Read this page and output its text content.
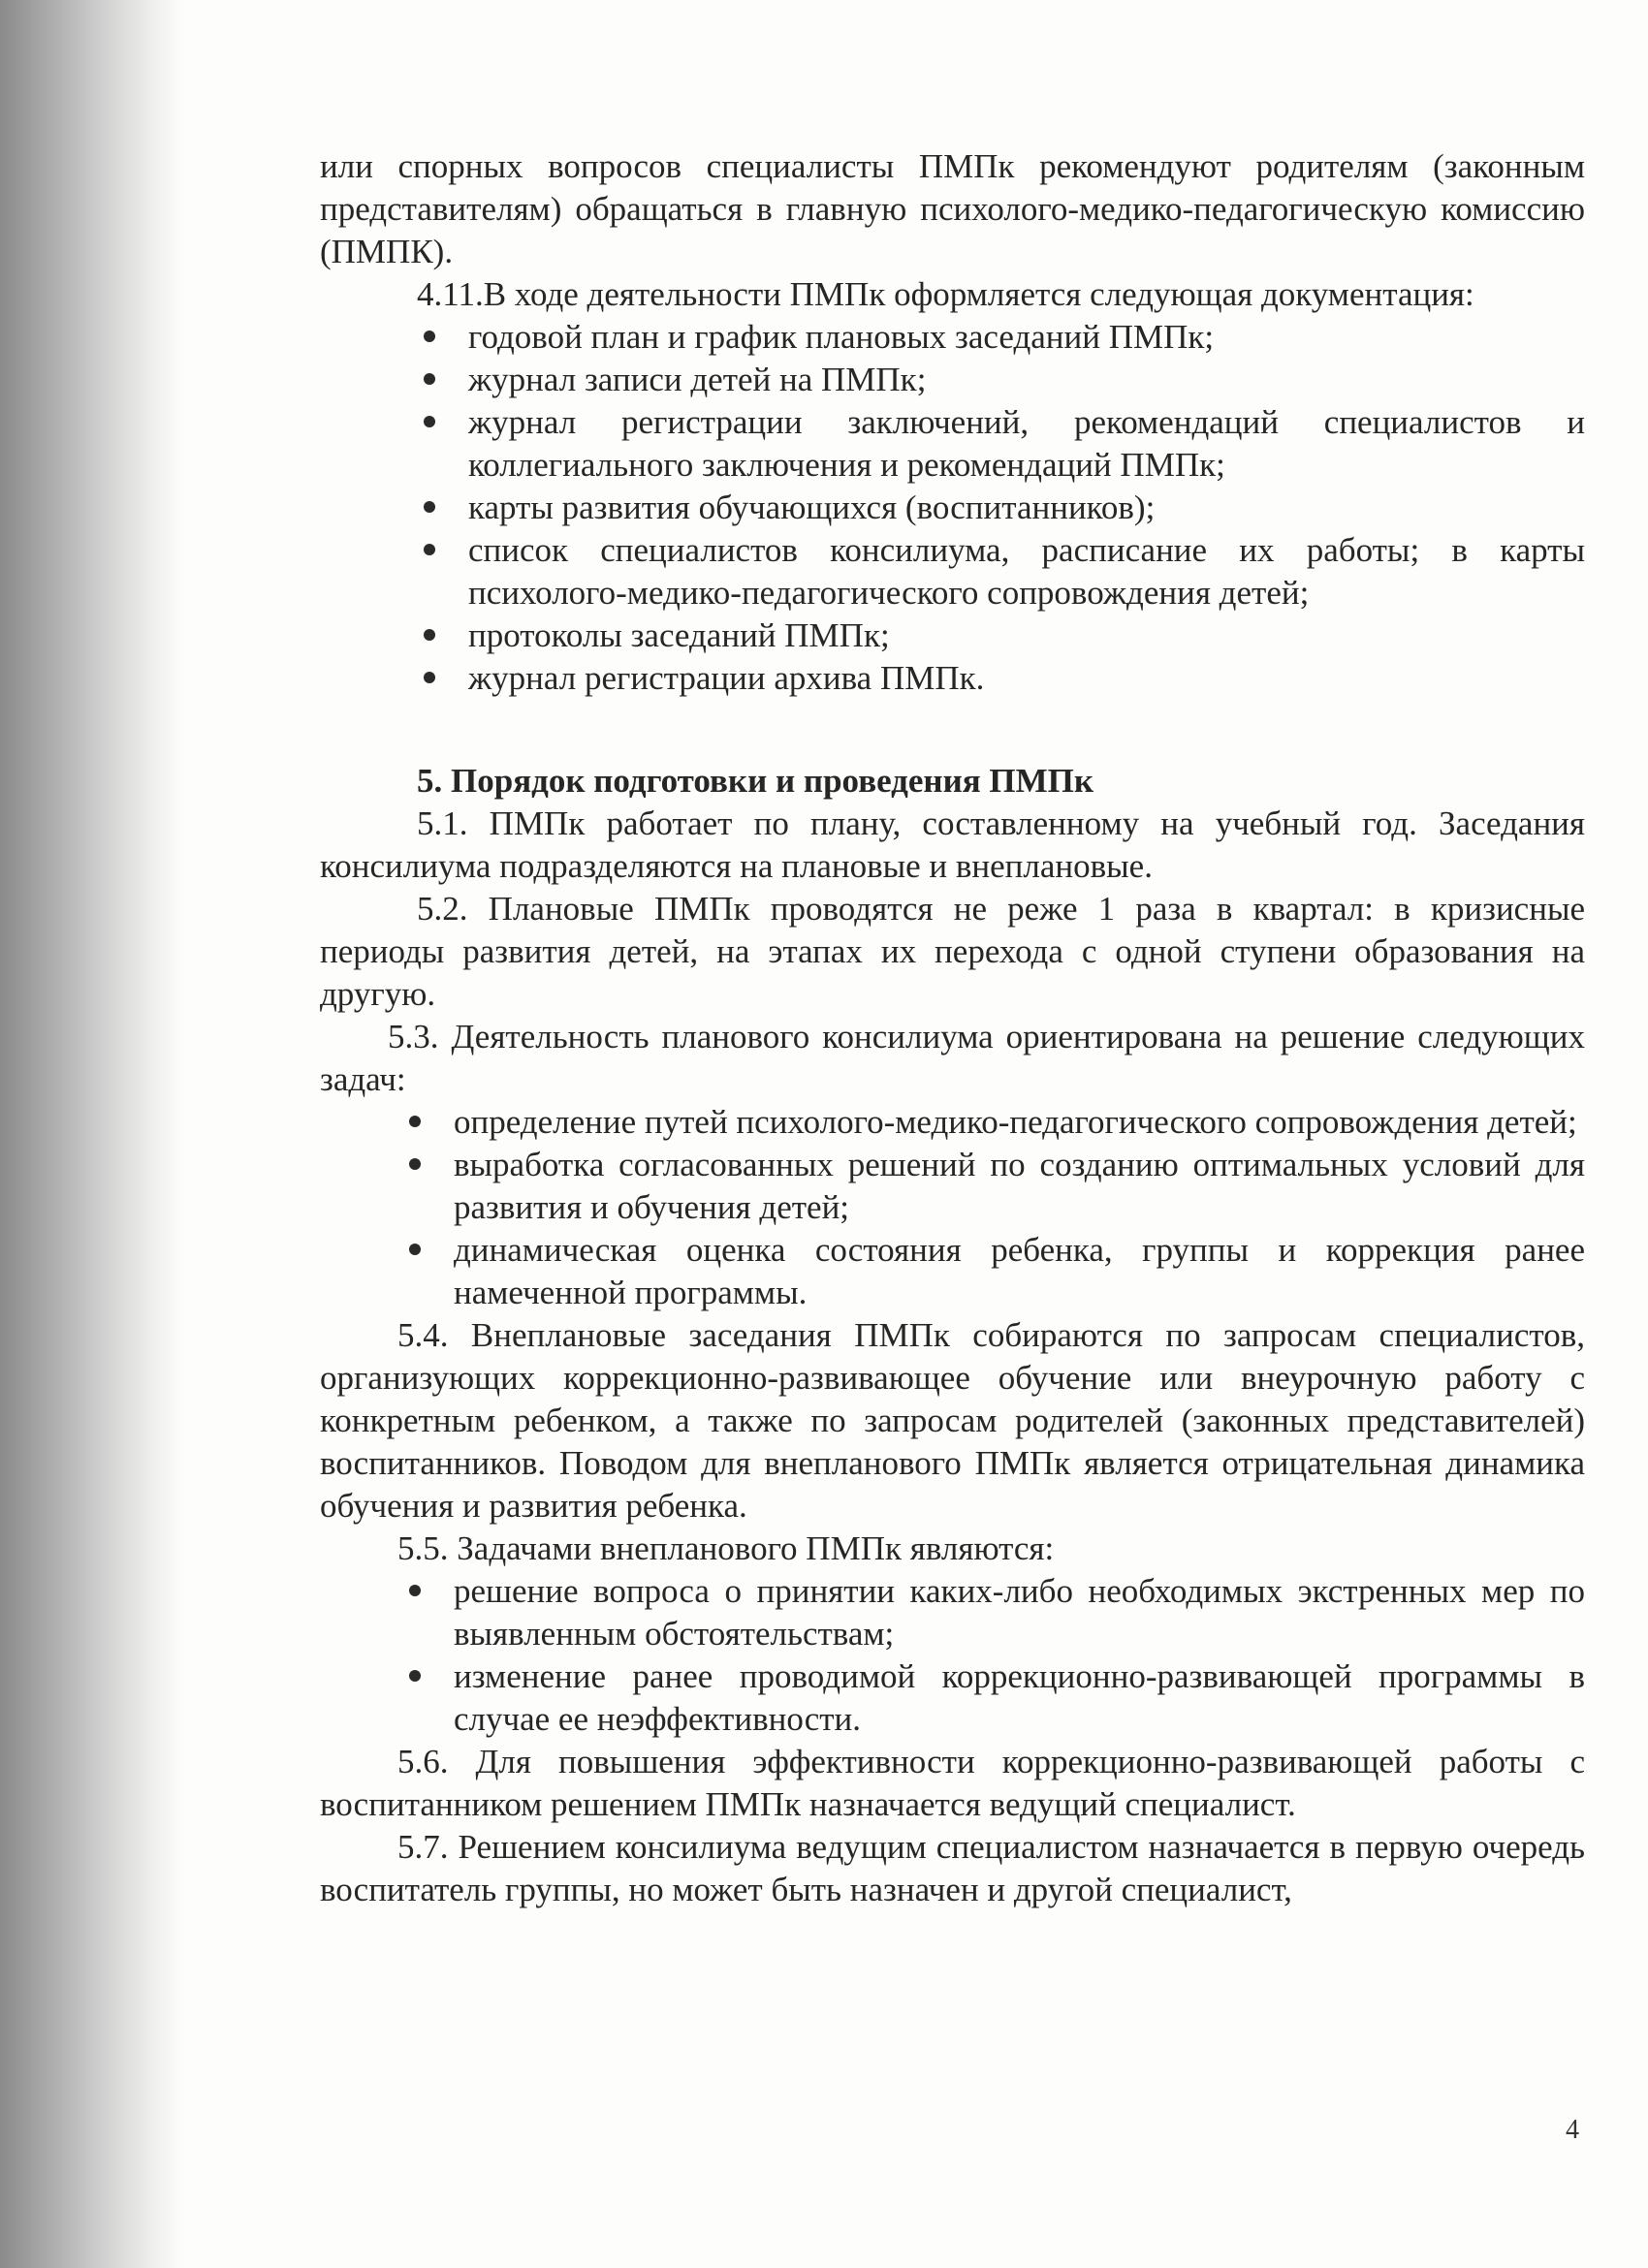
или спорных вопросов специалисты ПМПк рекомендуют родителям (законным представителям) обращаться в главную психолого-медико-педагогическую комиссию (ПМПК).

4.11.В ходе деятельности ПМПк оформляется следующая документация:

годовой план и график плановых заседаний ПМПк;
журнал записи детей на ПМПк;
журнал регистрации заключений, рекомендаций специалистов и коллегиального заключения и рекомендаций ПМПк;
карты развития обучающихся (воспитанников);
список специалистов консилиума, расписание их работы; в карты психолого-медико-педагогического сопровождения детей;
протоколы заседаний ПМПк;
журнал регистрации архива ПМПк.
5. Порядок подготовки и проведения ПМПк

5.1. ПМПк работает по плану, составленному на учебный год. Заседания консилиума подразделяются на плановые и внеплановые.

5.2. Плановые ПМПк проводятся не реже 1 раза в квартал: в кризисные периоды развития детей, на этапах их перехода с одной ступени образования на другую.

5.3. Деятельность планового консилиума ориентирована на решение следующих задач:

определение путей психолого-медико-педагогического сопровождения детей;
выработка согласованных решений по созданию оптимальных условий для развития и обучения детей;
динамическая оценка состояния ребенка, группы и коррекция ранее намеченной программы.

5.4. Внеплановые заседания ПМПк собираются по запросам специалистов, организующих коррекционно-развивающее обучение или внеурочную работу с конкретным ребенком, а также по запросам родителей (законных представителей) воспитанников. Поводом для внепланового ПМПк является отрицательная динамика обучения и развития ребенка.

5.5. Задачами внепланового ПМПк являются:

решение вопроса о принятии каких-либо необходимых экстренных мер по выявленным обстоятельствам;
изменение ранее проводимой коррекционно-развивающей программы в случае ее неэффективности.

5.6. Для повышения эффективности коррекционно-развивающей работы с воспитанником решением ПМПк назначается ведущий специалист.

5.7. Решением консилиума ведущим специалистом назначается в первую очередь воспитатель группы, но может быть назначен и другой специалист,

4
